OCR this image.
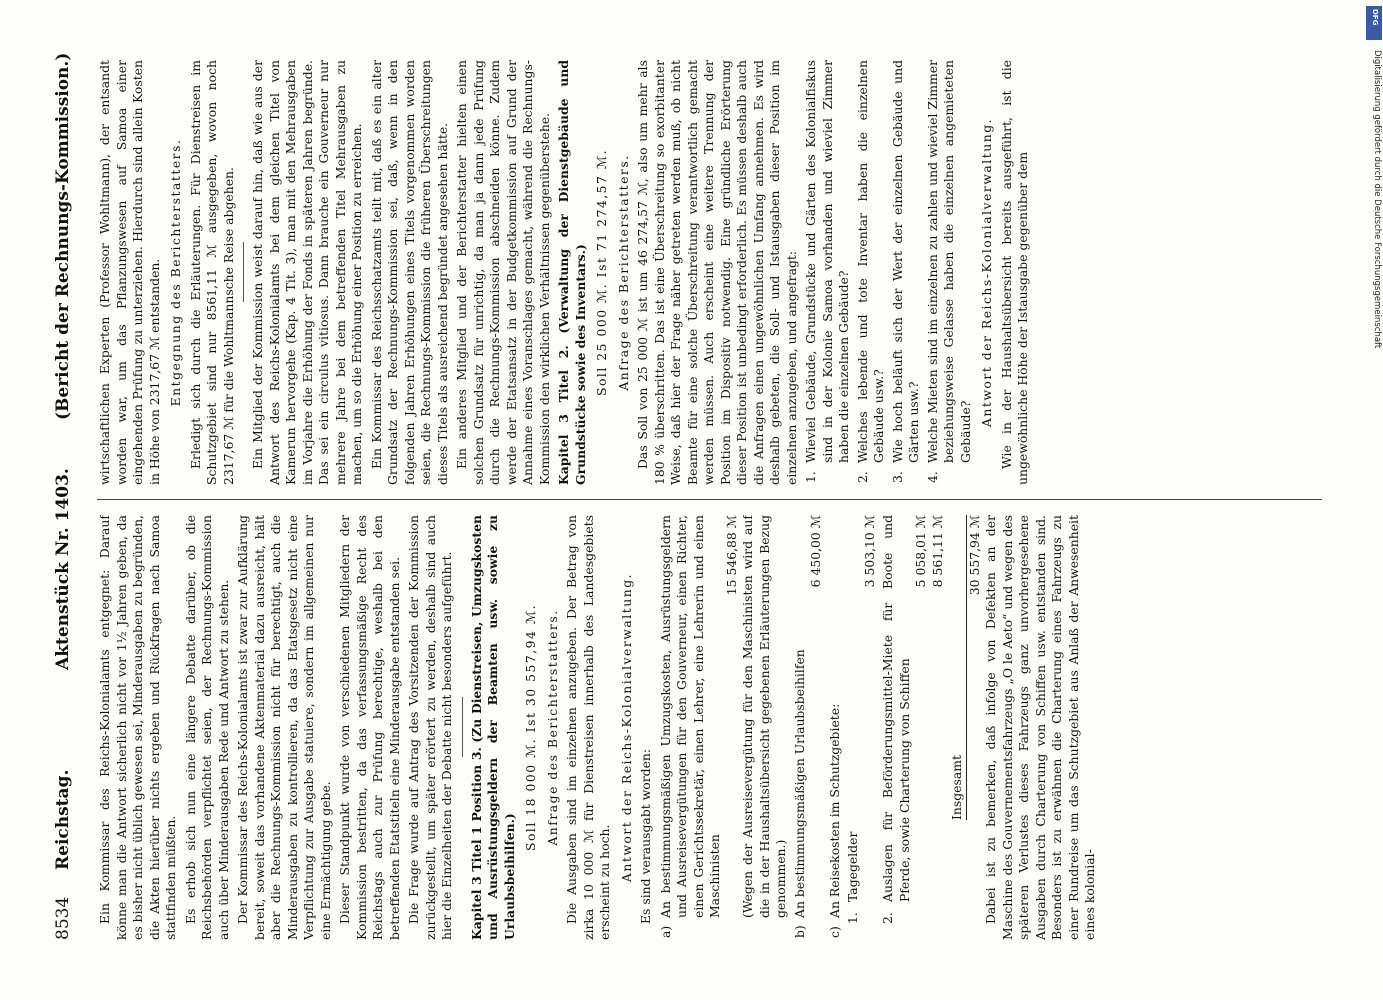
8534
Reichstag.
Aktenstück Nr. 1403.
(Bericht der Rechnungs-Kommission.)

Ein Kommissar des Reichs-Kolonialamts entgegnet: Darauf könne man die Antwort sicherlich nicht vor 1½ Jahren geben, da es bisher nicht üblich gewesen sei, Minderausgaben zu begründen, die Akten hierüber nichts ergeben und Rückfragen nach Samoa stattfinden müßten. Es erhob sich nun eine längere Debatte darüber, ob die Reichsbehörden verpflichtet seien, der Rechnungs-Kommission auch über Minderausgaben Rede und Antwort zu stehen. Der Kommissar des Reichs-Kolonialamts ist zwar zur Aufklärung bereit, soweit das vorhandene Aktenmaterial dazu ausreicht, hält aber die Rechnungs-Kommission nicht für berechtigt, auch die Minderausgaben zu kontrollieren, da das Etatsgesetz nicht eine Verpflichtung zur Ausgabe statuiere, sondern im allgemeinen nur eine Ermächtigung gebe. Dieser Standpunkt wurde von verschiedenen Mitgliedern der Kommission bestritten, da das verfassungsmäßige Recht des Reichstags auch zur Prüfung berechtige, weshalb bei den betreffenden Etatstiteln eine Minderausgabe entstanden sei. Die Frage wurde auf Antrag des Vorsitzenden der Kommission zurückgestellt, um später erörtert zu werden, deshalb sind auch hier die Einzelheiten der Debatte nicht besonders aufgeführt. Kapitel 3 Titel 1 Position 3. (Zu Dienstreisen, Umzugskosten und Ausrüstungsgeldern der Beamten usw. sowie zu Urlaubsbeihilfen.)

Soll 18 000 ℳ. Ist 30 557,94 ℳ. Anfrage des Berichterstatters. Die Ausgaben sind im einzelnen anzugeben. Der Betrag von zirka 10 000 ℳ für Dienstreisen innerhalb des Landesgebiets erscheint zu hoch.

Antwort der Reichs-Kolonialverwaltung. Es sind verausgabt worden:

a)
An bestimmungsmäßigen Umzugskosten, Ausrüstungsgeldern und Ausreisevergütungen für den Gouverneur, einen Richter, einen Gerichtssekretär, einen Lehrer, eine Lehrerin und einen Maschinisten
15 546,88 ℳ (Wegen der Ausreisevergütung für den Maschinisten wird auf die in der Haushaltsübersicht gegebenen Erläuterungen Bezug genommen.)
b)
An bestimmungsmäßigen Urlaubsbeihilfen
6 450,00 ℳ
c)
An Reisekosten im Schutzgebiete:
1.
Tagegelder
3 503,10 ℳ
2.
Auslagen für Beförderungsmittel-Miete für Boote und Pferde, sowie Charterung von Schiffen
5 058,01 ℳ 8 561,11 ℳ
Insgesamt
30 557,94 ℳ Dabei ist zu bemerken, daß infolge von Defekten an der Maschine des Gouvernementsfahrzeugs „O le Aeto“ und wegen des späteren Verlustes dieses Fahrzeugs ganz unvorhergesehene Ausgaben durch Charterung von Schiffen usw. entstanden sind. Besonders ist zu erwähnen die Charterung eines Fahrzeugs zu einer Rundreise um das Schutzgebiet aus Anlaß der Anwesenheit eines kolonial-

wirtschaftlichen Experten (Professor Wohltmann), der entsandt worden war, um das Pflanzungswesen auf Samoa einer eingehenden Prüfung zu unterziehen. Hierdurch sind allein Kosten in Höhe von 2317,67 ℳ entstanden. Entgegnung des Berichterstatters. Erledigt sich durch die Erläuterungen. Für Dienstreisen im Schutzgebiet sind nur 8561,11 ℳ ausgegeben, wovon noch 2317,67 ℳ für die Wohltmannsche Reise abgehen. Ein Mitglied der Kommission weist darauf hin, daß wie aus der Antwort des Reichs-Kolonialamts bei dem gleichen Titel von Kamerun hervorgehe (Kap. 4 Tit. 3), man mit den Mehrausgaben im Vorjahre die Erhöhung der Fonds in späteren Jahren begründe. Das sei ein circulus vitiosus. Dann brauche ein Gouverneur nur mehrere Jahre bei dem betreffenden Titel Mehrausgaben zu machen, um so die Erhöhung einer Position zu erreichen. Ein Kommissar des Reichsschatzamts teilt mit, daß es ein alter Grundsatz der Rechnungs-Kommission sei, daß, wenn in den folgenden Jahren Erhöhungen eines Titels vorgenommen worden seien, die Rechnungs-Kommission die früheren Überschreitungen dieses Titels als ausreichend begründet angesehen hätte. Ein anderes Mitglied und der Berichterstatter hielten einen solchen Grundsatz für unrichtig, da man ja dann jede Prüfung durch die Rechnungs-Kommission abschneiden könne. Zudem werde der Etatsansatz in der Budgetkommission auf Grund der Annahme eines Voranschlages gemacht, während die Rechnungs-Kommission den wirklichen Verhältnissen gegenüberstehe. Kapitel 3 Titel 2. (Verwaltung der Dienstgebäude und Grundstücke sowie des Inventars.) Soll 25 000 ℳ. Ist 71 274,57 ℳ. Anfrage des Berichterstatters. Das Soll von 25 000 ℳ ist um 46 274,57 ℳ, also um mehr als 180 % überschritten. Das ist eine Überschreitung so exorbitanter Weise, daß hier der Frage näher getreten werden muß, ob nicht Beamte für eine solche Überschreitung verantwortlich gemacht werden müssen. Auch erscheint eine weitere Trennung der Position im Dispositiv notwendig. Eine gründliche Erörterung dieser Position ist unbedingt erforderlich. Es müssen deshalb auch die Anfragen einen ungewöhnlichen Umfang annehmen. Es wird deshalb gebeten, die Soll- und Istausgaben dieser Position im einzelnen anzugeben, und angefragt: 1.
Wieviel Gebäude, Grundstücke und Gärten des Kolonialfiskus sind in der Kolonie Samoa vorhanden und wieviel Zimmer haben die einzelnen Gebäude?
2.
Welches lebende und tote Inventar haben die einzelnen Gebäude usw.?
3.
Wie hoch beläuft sich der Wert der einzelnen Gebäude und Gärten usw.?
4.
Welche Mieten sind im einzelnen zu zahlen und wieviel Zimmer beziehungsweise Gelasse haben die einzelnen angemieteten Gebäude?

Antwort der Reichs-Kolonialverwaltung. Wie in der Haushaltsübersicht bereits ausgeführt, ist die ungewöhnliche Höhe der Istausgabe gegenüber dem

DFG
Digitalisierung gefördert durch die Deutsche Forschungsgemeinschaft
